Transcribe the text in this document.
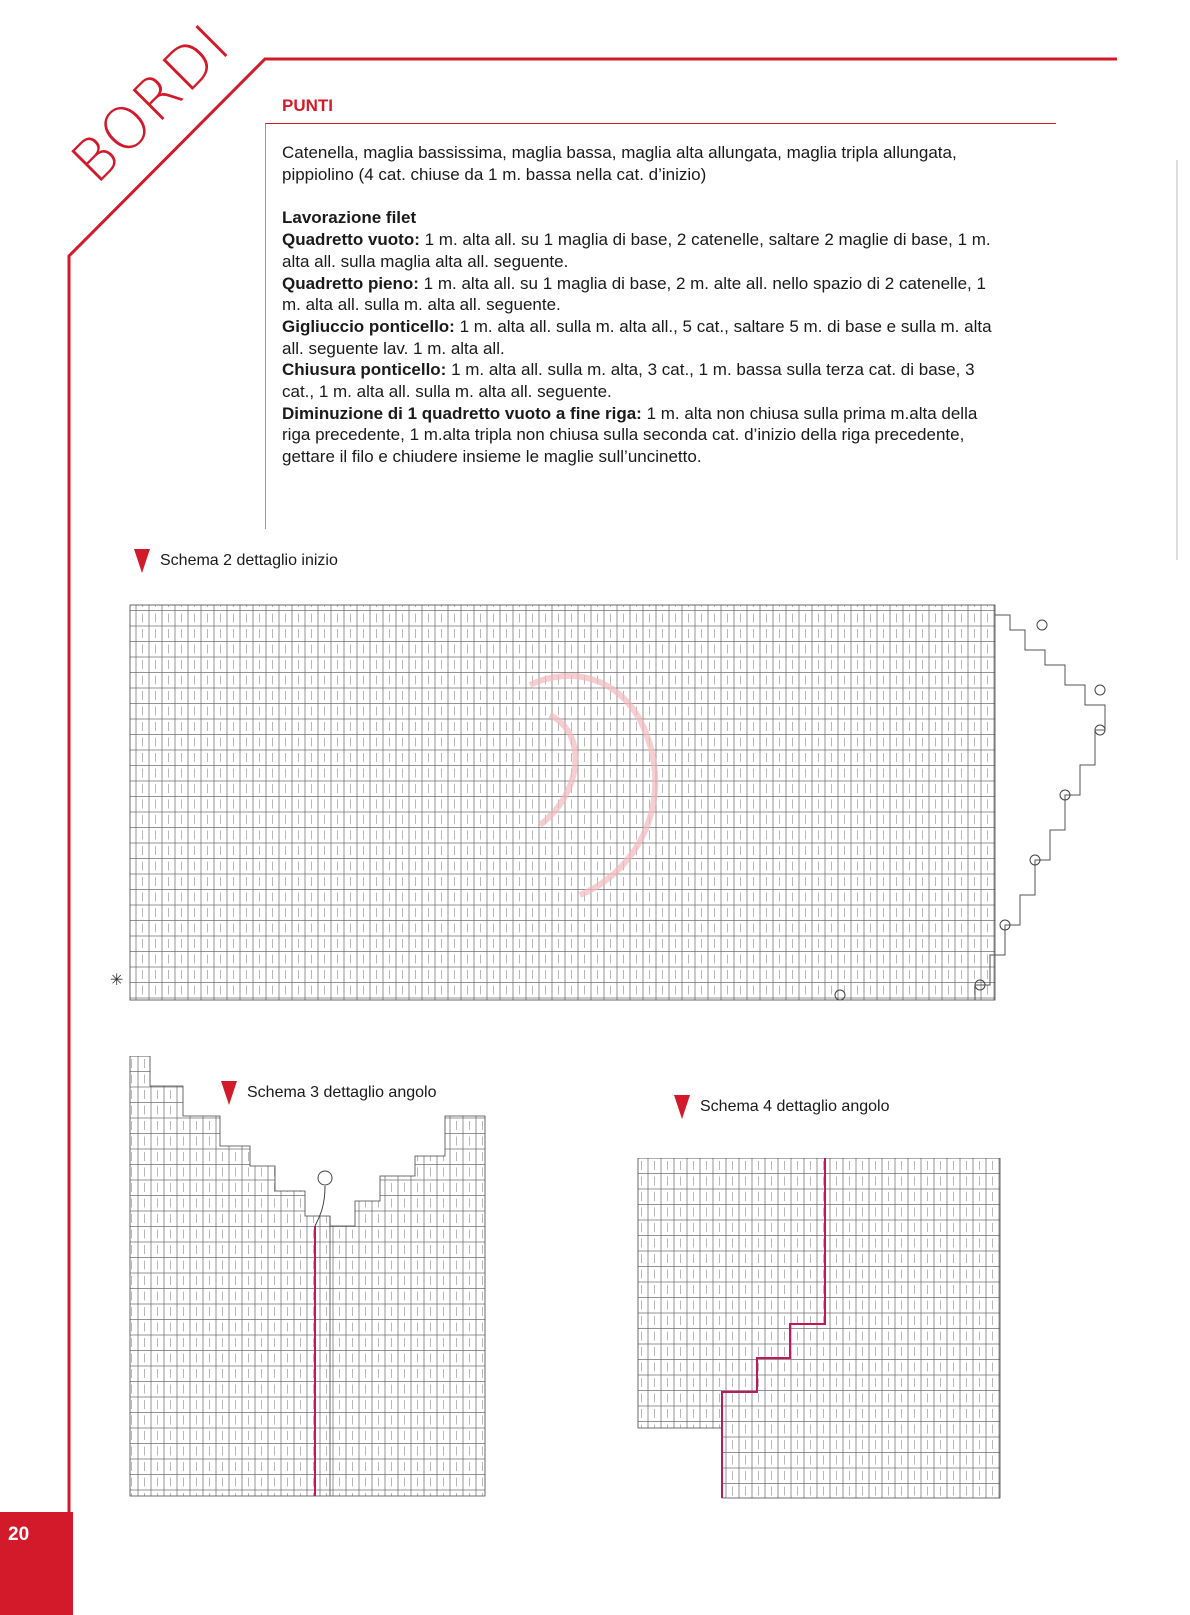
BORDI PUNTI

Catenella, maglia bassissima, maglia bassa, maglia alta allungata, maglia tripla allungata, pippiolino (4 cat. chiuse da 1 m. bassa nella cat. d’inizio)

Lavorazione filet

Quadretto vuoto: 1 m. alta all. su 1 maglia di base, 2 catenelle, saltare 2 maglie di base, 1 m. alta all. sulla maglia alta all. seguente.

Quadretto pieno: 1 m. alta all. su 1 maglia di base, 2 m. alte all. nello spazio di 2 catenelle, 1 m. alta all. sulla m. alta all. seguente.

Gigliuccio ponticello: 1 m. alta all. sulla m. alta all., 5 cat., saltare 5 m. di base e sulla m. alta all. seguente lav. 1 m. alta all.

Chiusura ponticello: 1 m. alta all. sulla m. alta, 3 cat., 1 m. bassa sulla terza cat. di base, 3 cat., 1 m. alta all. sulla m. alta all. seguente.

Diminuzione di 1 quadretto vuoto a fine riga: 1 m. alta non chiusa sulla prima m.alta della riga precedente, 1 m.alta tripla non chiusa sulla seconda cat. d’inizio della riga precedente, gettare il filo e chiudere insieme le maglie sull’uncinetto.

Schema 2 dettaglio inizio
Schema 3 dettaglio angolo
Schema 4 dettaglio angolo
✳
20
